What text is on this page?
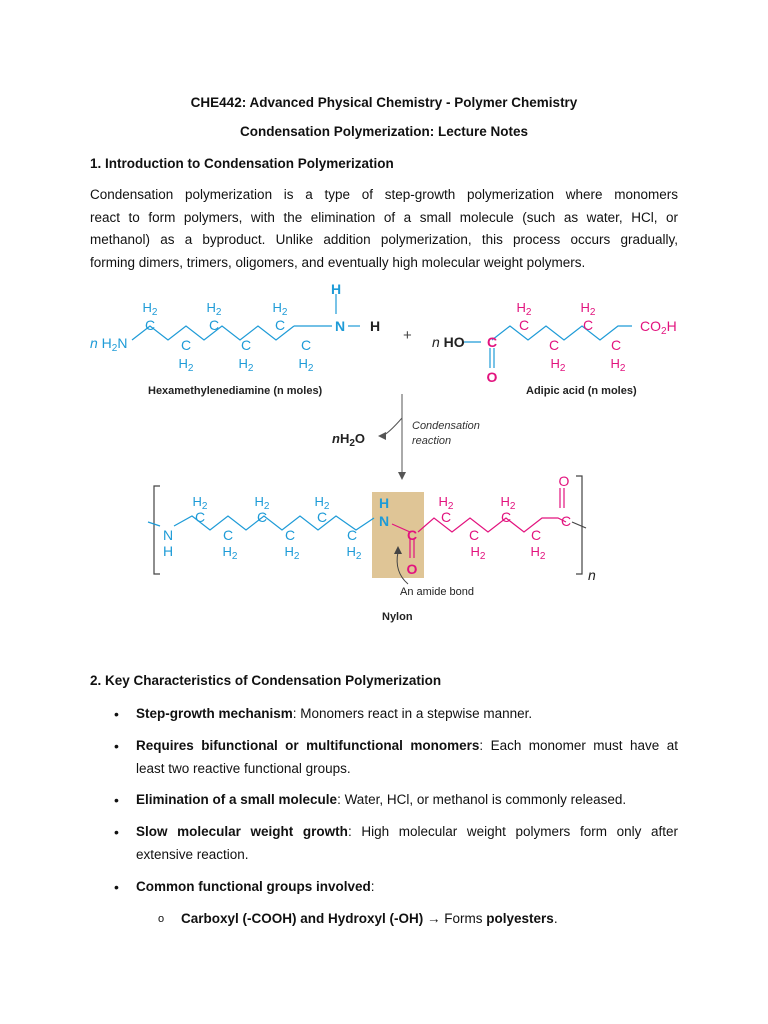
CHE442: Advanced Physical Chemistry - Polymer Chemistry
Condensation Polymerization: Lecture Notes
1. Introduction to Condensation Polymerization
Condensation polymerization is a type of step-growth polymerization where monomers
react to form polymers, with the elimination of a small molecule (such as water, HCl, or
methanol) as a byproduct. Unlike addition polymerization, this process occurs gradually,
forming dimers, trimers, oligomers, and eventually high molecular weight polymers.
$H_2$
C
C
$H_2$
$H_2$
C
C
$H_2$
$H_2$
C
C
$H_2$
n $H_2N$
H
N H
+ n HO C
O
$H_2$
C
C
$H_2$
$H_2$
C
C
$H_2$
$CO_2H$
Hexamethylenediamine (n moles)	Adipic acid (n moles)
$nH_2O$
Condensation
reaction
N
H
$H_2$
C
C
$H_2$
$H_2$
C
C
$H_2$
$H_2$
C
C
$H_2$
H
N
C
O
$H_2$
C
C
$H_2$
$H_2$
C
C
$H_2$
O
C
n
An amide bond
Nylon
2. Key Characteristics of Condensation Polymerization
• Step-growth mechanism: Monomers react in a stepwise manner.
• Requires bifunctional or multifunctional monomers: Each monomer must have at
least two reactive functional groups.
• Elimination of a small molecule: Water, HCl, or methanol is commonly released.
• Slow molecular weight growth: High molecular weight polymers form only after
extensive reaction.
• Common functional groups involved:
o Carboxyl (-COOH) and Hydroxyl (-OH) → Forms polyesters.
